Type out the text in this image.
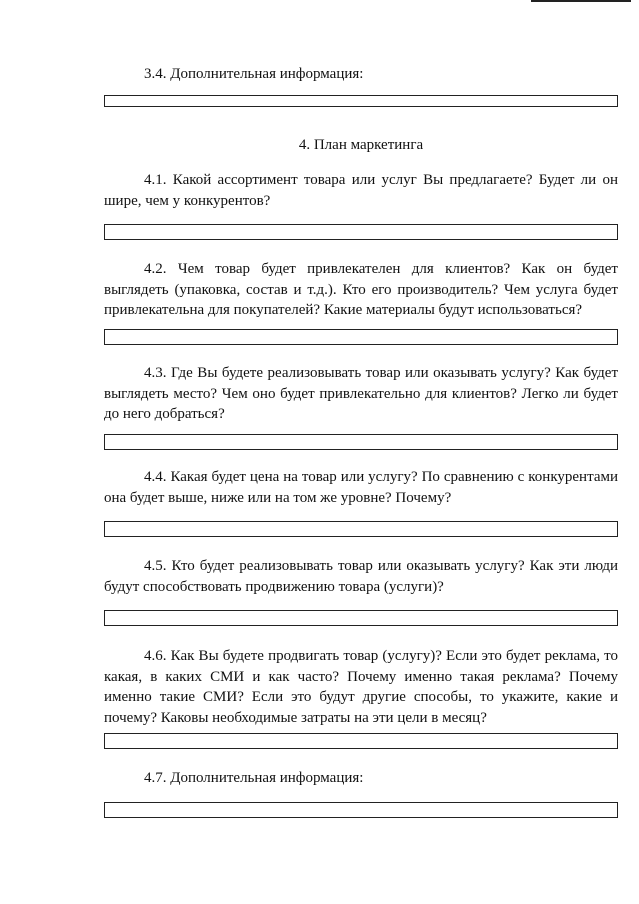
3.4. Дополнительная информация:

4. План маркетинга

4.1. Какой ассортимент товара или услуг Вы предлагаете? Будет ли он шире, чем у конкурентов?

4.2. Чем товар будет привлекателен для клиентов? Как он будет выглядеть (упаковка, состав и т.д.). Кто его производитель? Чем услуга будет привлекательна для покупателей? Какие материалы будут использоваться?

4.3. Где Вы будете реализовывать товар или оказывать услугу? Как будет выглядеть место? Чем оно будет привлекательно для клиентов? Легко ли будет до него добраться?

4.4. Какая будет цена на товар или услугу? По сравнению с конкурентами она будет выше, ниже или на том же уровне? Почему?

4.5. Кто будет реализовывать товар или оказывать услугу? Как эти люди будут способствовать продвижению товара (услуги)?

4.6. Как Вы будете продвигать товар (услугу)? Если это будет реклама, то какая, в каких СМИ и как часто? Почему именно такая реклама? Почему именно такие СМИ? Если это будут другие способы, то укажите, какие и почему? Каковы необходимые затраты на эти цели в месяц?

4.7. Дополнительная информация:
